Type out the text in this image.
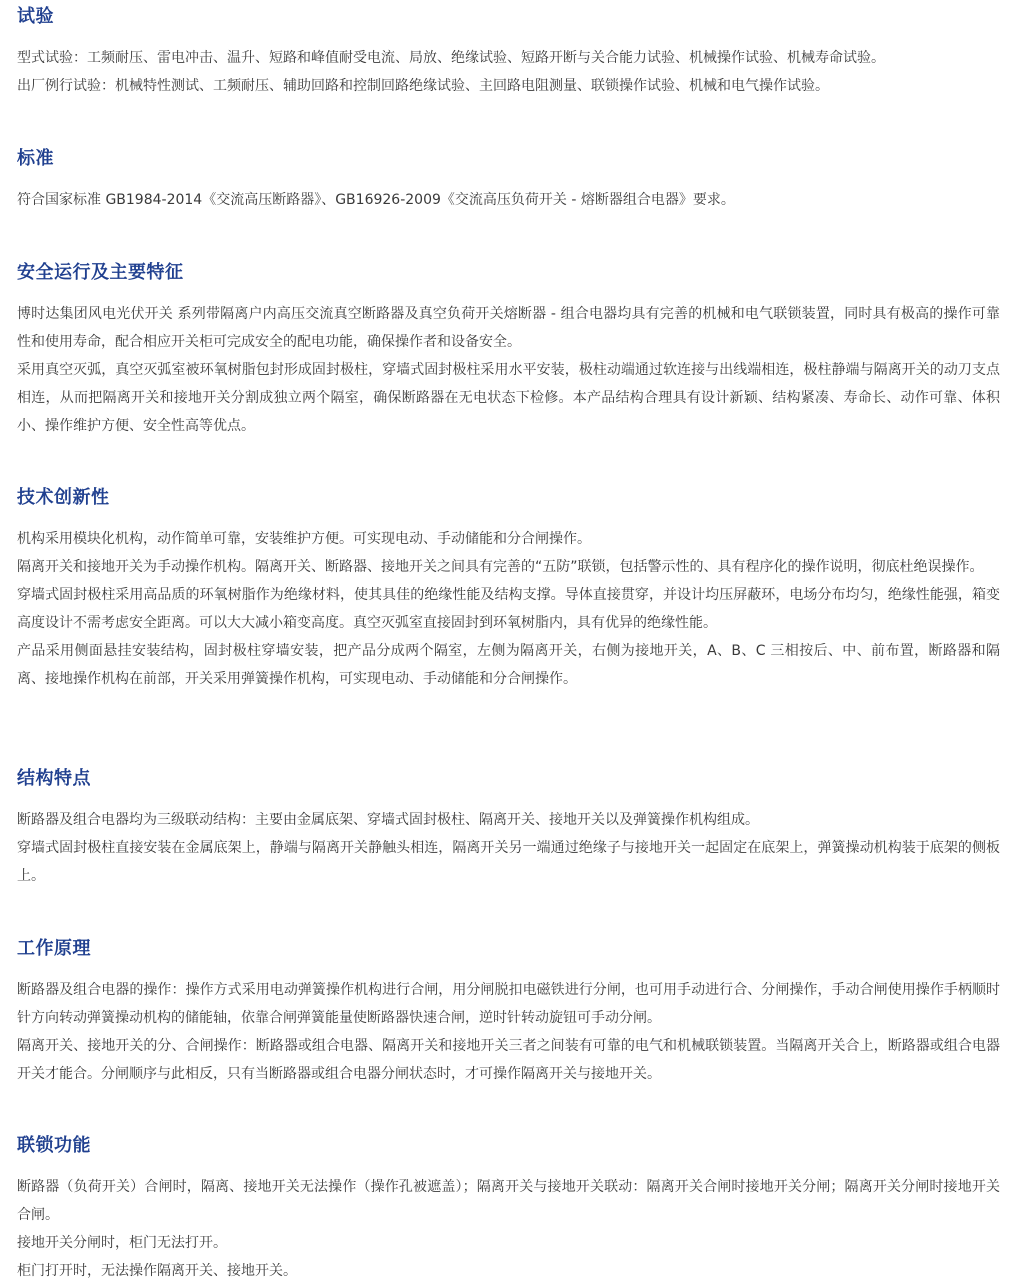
试验

型式试验：工频耐压、雷电冲击、温升、短路和峰值耐受电流、局放、绝缘试验、短路开断与关合能力试验、机械操作试验、机械寿命试验。

出厂例行试验：机械特性测试、工频耐压、辅助回路和控制回路绝缘试验、主回路电阻测量、联锁操作试验、机械和电气操作试验。

标准

符合国家标准 GB1984-2014《交流高压断路器》、GB16926-2009《交流高压负荷开关 - 熔断器组合电器》要求。

安全运行及主要特征

博时达集团风电光伏开关 系列带隔离户内高压交流真空断路器及真空负荷开关熔断器 - 组合电器均具有完善的机械和电气联锁装置，同时具有极高的操作可靠性和使用寿命，配合相应开关柜可完成安全的配电功能，确保操作者和设备安全。

采用真空灭弧，真空灭弧室被环氧树脂包封形成固封极柱，穿墙式固封极柱采用水平安装，极柱动端通过软连接与出线端相连，极柱静端与隔离开关的动刀支点相连，从而把隔离开关和接地开关分割成独立两个隔室，确保断路器在无电状态下检修。本产品结构合理具有设计新颖、结构紧凑、寿命长、动作可靠、体积小、操作维护方便、安全性高等优点。

技术创新性

机构采用模块化机构，动作简单可靠，安装维护方便。可实现电动、手动储能和分合闸操作。

隔离开关和接地开关为手动操作机构。隔离开关、断路器、接地开关之间具有完善的“五防”联锁，包括警示性的、具有程序化的操作说明，彻底杜绝误操作。

穿墙式固封极柱采用高品质的环氧树脂作为绝缘材料，使其具佳的绝缘性能及结构支撑。导体直接贯穿，并设计均压屏蔽环，电场分布均匀，绝缘性能强，箱变高度设计不需考虑安全距离。可以大大减小箱变高度。真空灭弧室直接固封到环氧树脂内，具有优异的绝缘性能。

产品采用侧面悬挂安装结构，固封极柱穿墙安装，把产品分成两个隔室，左侧为隔离开关，右侧为接地开关，A、B、C 三相按后、中、前布置，断路器和隔离、接地操作机构在前部，开关采用弹簧操作机构，可实现电动、手动储能和分合闸操作。

结构特点

断路器及组合电器均为三级联动结构：主要由金属底架、穿墙式固封极柱、隔离开关、接地开关以及弹簧操作机构组成。

穿墙式固封极柱直接安装在金属底架上，静端与隔离开关静触头相连，隔离开关另一端通过绝缘子与接地开关一起固定在底架上，弹簧操动机构装于底架的侧板上。

工作原理

断路器及组合电器的操作：操作方式采用电动弹簧操作机构进行合闸，用分闸脱扣电磁铁进行分闸，也可用手动进行合、分闸操作，手动合闸使用操作手柄顺时针方向转动弹簧操动机构的储能轴，依靠合闸弹簧能量使断路器快速合闸，逆时针转动旋钮可手动分闸。

隔离开关、接地开关的分、合闸操作：断路器或组合电器、隔离开关和接地开关三者之间装有可靠的电气和机械联锁装置。当隔离开关合上，断路器或组合电器开关才能合。分闸顺序与此相反，只有当断路器或组合电器分闸状态时，才可操作隔离开关与接地开关。

联锁功能

断路器（负荷开关）合闸时，隔离、接地开关无法操作（操作孔被遮盖）；隔离开关与接地开关联动：隔离开关合闸时接地开关分闸；隔离开关分闸时接地开关合闸。

接地开关分闸时，柜门无法打开。

柜门打开时，无法操作隔离开关、接地开关。
